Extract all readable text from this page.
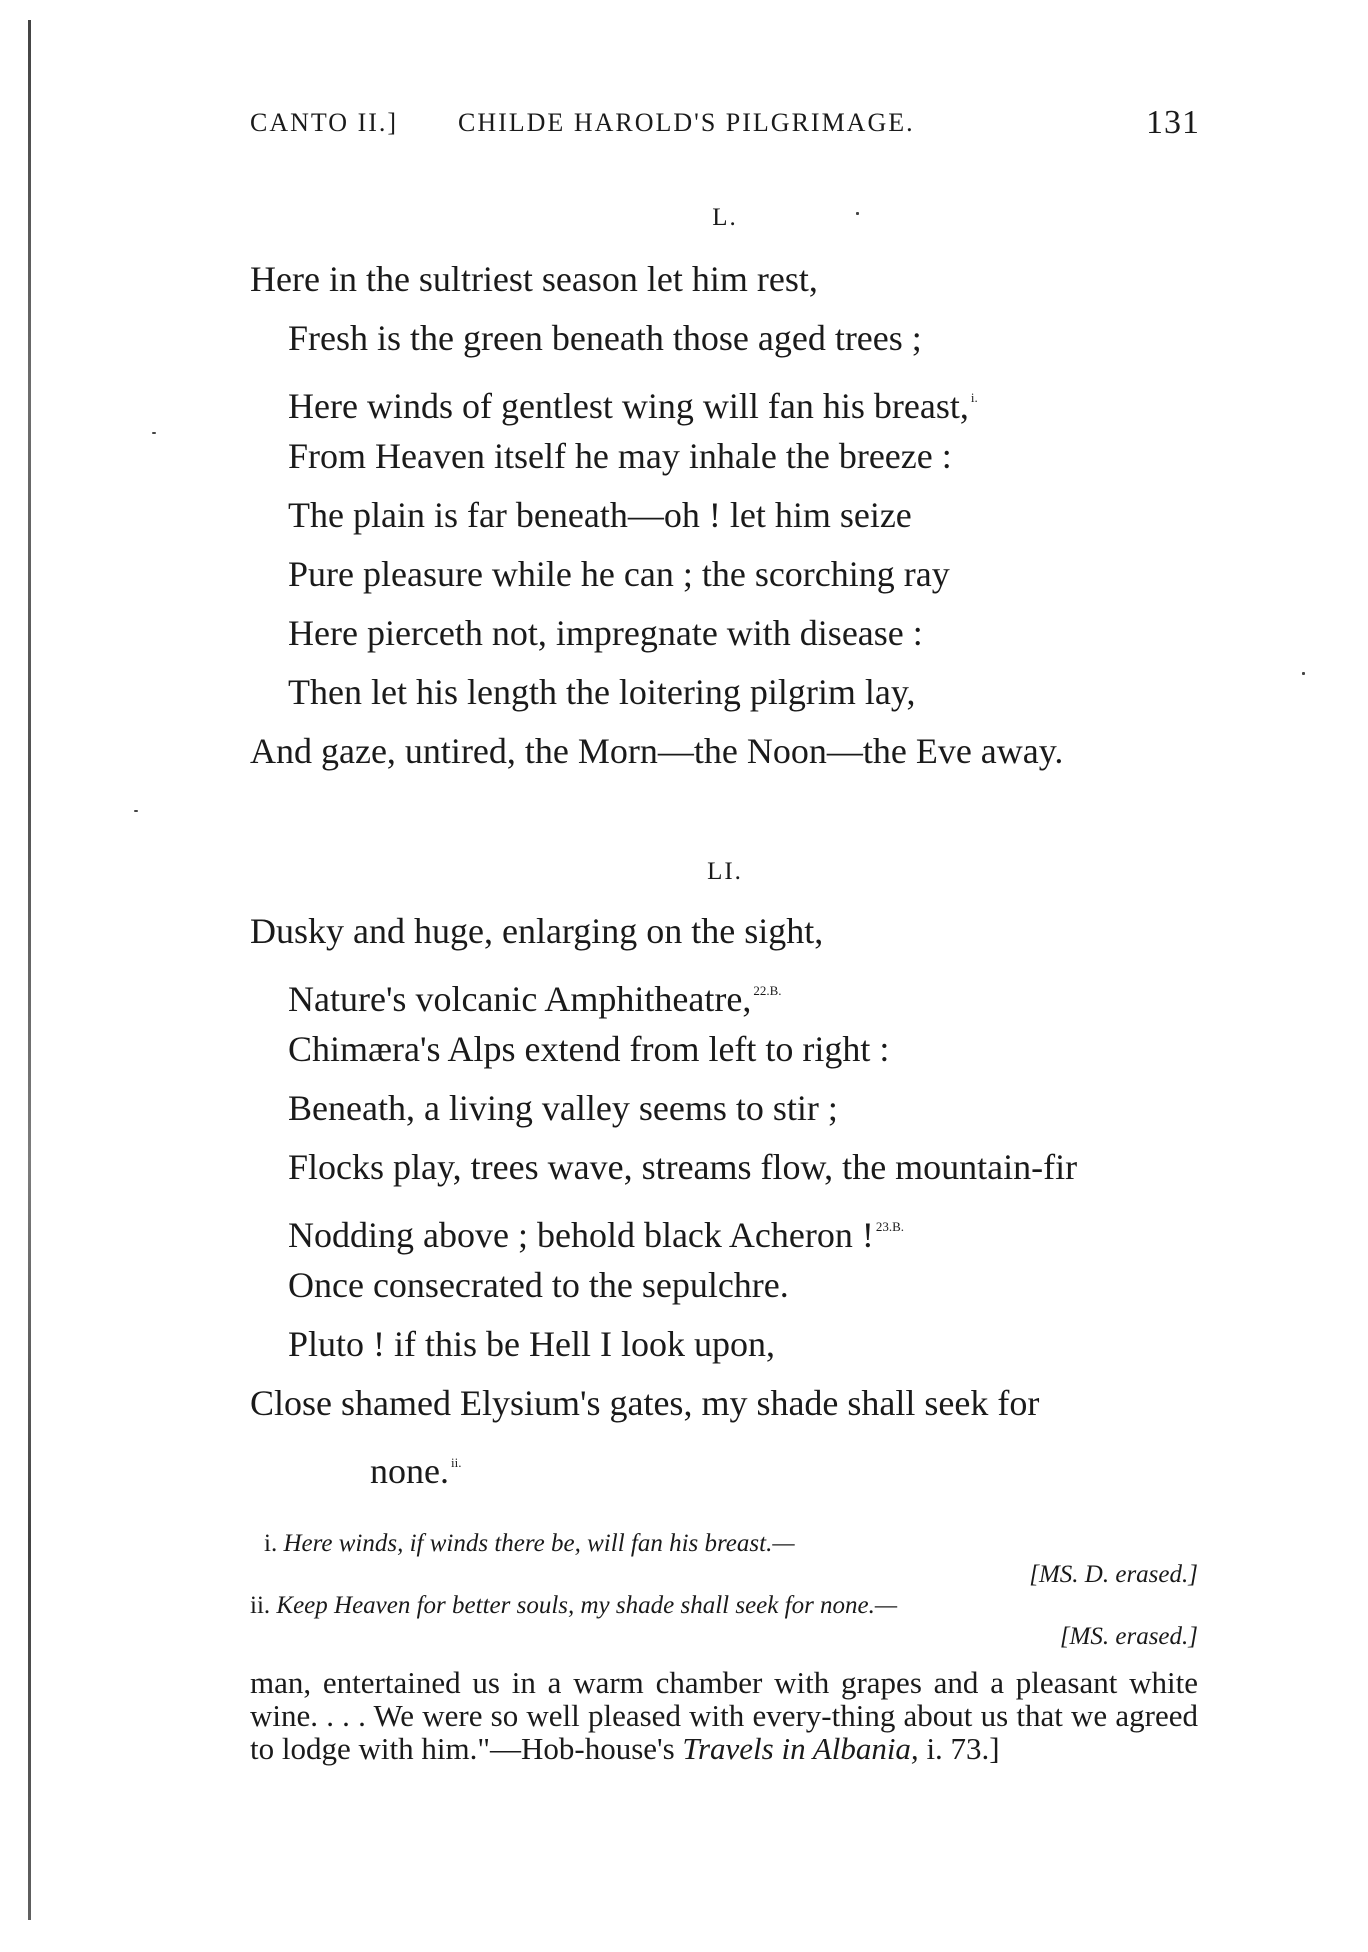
CANTO II.] CHILDE HAROLD'S PILGRIMAGE.	131
L.
Here in the sultriest season let him rest,
Fresh is the green beneath those aged trees ;
Here winds of gentlest wing will fan his breast, $^{i.}$
From Heaven itself he may inhale the breeze :
The plain is far beneath—oh ! let him seize
Pure pleasure while he can ; the scorching ray
Here pierceth not, impregnate with disease :
Then let his length the loitering pilgrim lay,
And gaze, untired, the Morn—the Noon—the Eve away.
LI.
Dusky and huge, enlarging on the sight,
Nature's volcanic Amphitheatre, $^{22.B.}$
Chimæra's Alps extend from left to right :
Beneath, a living valley seems to stir ;
Flocks play, trees wave, streams flow, the mountain-fir
Nodding above ; behold black Acheron ! $^{23.B.}$
Once consecrated to the sepulchre.
Pluto ! if this be Hell I look upon,
Close shamed Elysium's gates, my shade shall seek for
none. $^{ii.}$
i. Here winds, if winds there be, will fan his breast.—
[MS. D. erased.]
ii. Keep Heaven for better souls, my shade shall seek for none.—
[MS. erased.]
man, entertained us in a warm chamber with grapes and a pleasant white wine. . . . We were so well pleased with every-thing about us that we agreed to lodge with him."—Hob-house's Travels in Albania, i. 73.]
